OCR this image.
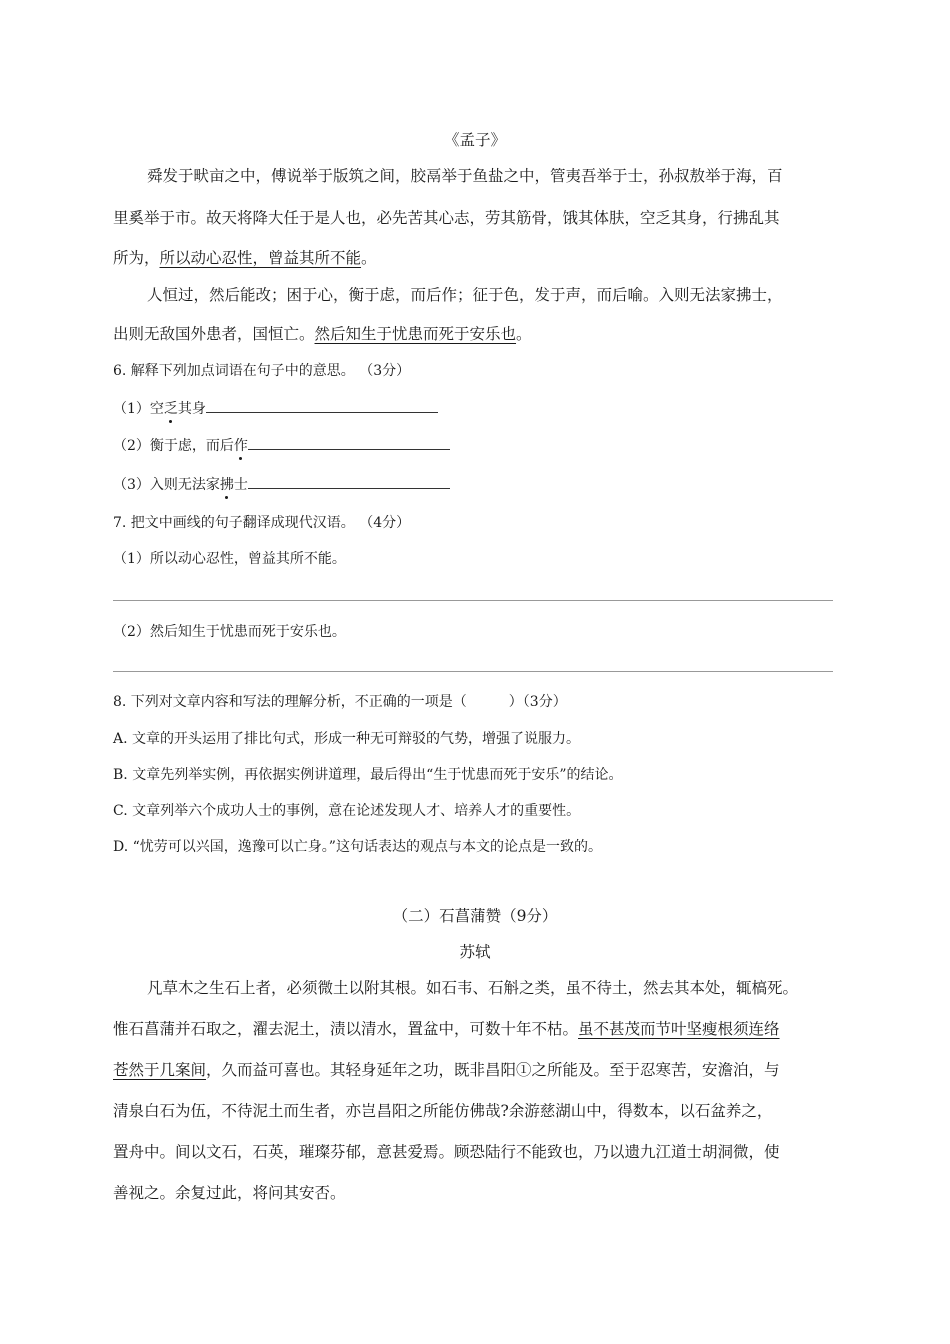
《孟子》
舜发于畎亩之中，傅说举于版筑之间，胶鬲举于鱼盐之中，管夷吾举于士，孙叔敖举于海，百
里奚举于市。故天将降大任于是人也，必先苦其心志，劳其筋骨，饿其体肤，空乏其身，行拂乱其
所为，所以动心忍性，曾益其所不能。
人恒过，然后能改；困于心，衡于虑，而后作；征于色，发于声，而后喻。入则无法家拂士，
出则无敌国外患者，国恒亡。然后知生于忧患而死于安乐也。
6. 解释下列加点词语在句子中的意思。 （3分）
（1）空乏其身
（2）衡于虑，而后作
（3）入则无法家拂士
7. 把文中画线的句子翻译成现代汉语。 （4分）
（1）所以动心忍性，曾益其所不能。
（2）然后知生于忧患而死于安乐也。
8. 下列对文章内容和写法的理解分析，不正确的一项是（　　　）（3分）
A. 文章的开头运用了排比句式，形成一种无可辩驳的气势，增强了说服力。
B. 文章先列举实例，再依据实例讲道理，最后得出“生于忧患而死于安乐”的结论。
C. 文章列举六个成功人士的事例，意在论述发现人才、培养人才的重要性。
D. “忧劳可以兴国，逸豫可以亡身。”这句话表达的观点与本文的论点是一致的。
（二）石菖蒲赞（9分）
苏轼
凡草木之生石上者，必须微土以附其根。如石韦、石斛之类，虽不待土，然去其本处，辄槁死。
惟石菖蒲并石取之，濯去泥土，渍以清水，置盆中，可数十年不枯。虽不甚茂而节叶坚瘦根须连络
苍然于几案间，久而益可喜也。其轻身延年之功，既非昌阳①之所能及。至于忍寒苦，安澹泊，与
清泉白石为伍，不待泥土而生者，亦岂昌阳之所能仿佛哉?余游慈湖山中，得数本，以石盆养之，
置舟中。间以文石，石英，璀璨芬郁，意甚爱焉。顾恐陆行不能致也，乃以遗九江道士胡洞微，使
善视之。余复过此，将问其安否。
